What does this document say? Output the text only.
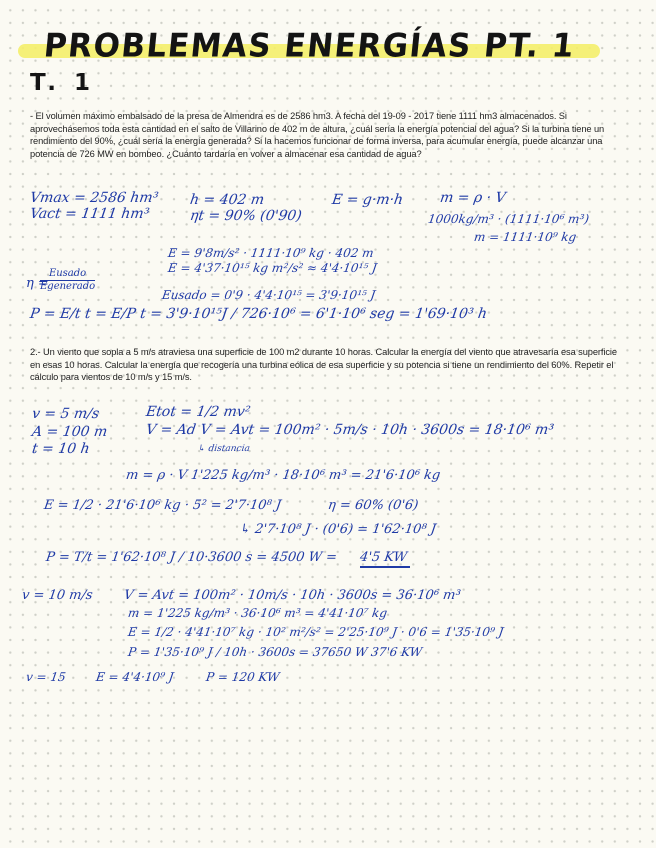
PROBLEMAS ENERGÍAS PT. 1
T. 1

- El volumen máximo embalsado de la presa de Almendra es de 2586 hm3. A fecha del 19-09 - 2017 tiene 1111 hm3 almacenados. Si aprovechásemos toda esta cantidad en el salto de Villarino de 402 m de altura, ¿cuál sería la energía potencial del agua? Si la turbina tiene un rendimiento del 90%, ¿cuál sería la energía generada? Si la hacemos funcionar de forma inversa, para acumular energía, puede alcanzar una potencia de 726 MW en bombeo. ¿Cuánto tardaría en volver a almacenar esa cantidad de agua?

Vmax = 2586 hm³
Vact = 1111 hm³
h = 402 m
ηt = 90% (0'90)
E = g·m·h m = ρ · V
1000kg/m³ · (1111·10⁶ m³)
m = 1111·10⁹ kg
E = 9'8m/s² · 1111·10⁹ kg · 402 m
E = 4'37·10¹⁵ kg m²/s² ≈ 4'4·10¹⁵ J
η =
Eusado
Egenerado
Eusado = 0'9 · 4'4·10¹⁵ = 3'9·10¹⁵ J
P = E/t t = E/P t = 3'9·10¹⁵J / 726·10⁶ = 6'1·10⁶ seg = 1'69·10³ h

2.- Un viento que sopla a 5 m/s atraviesa una superficie de 100 m2 durante 10 horas. Calcular la energía del viento que atravesaría esa superficie en esas 10 horas. Calcular la energía que recogería una turbina eólica de esa superficie y su potencia si tiene un rendimiento del 60%. Repetir el cálculo para vientos de 10 m/s y 15 m/s.

v = 5 m/s
A = 100 m
t = 10 h
Etot = 1/2 mv²
V = Ad V = Avt = 100m² · 5m/s · 10h · 3600s = 18·10⁶ m³
↳ distancia
m = ρ · V 1'225 kg/m³ · 18·10⁶ m³ = 21'6·10⁶ kg
E = 1/2 · 21'6·10⁶ kg · 5² = 2'7·10⁸ J	η = 60% (0'6)
↳ 2'7·10⁸ J · (0'6) = 1'62·10⁸ J
P = T/t = 1'62·10⁸ J / 10·3600 s = 4500 W = 4'5 KW
v = 10 m/s V = Avt = 100m² · 10m/s · 10h · 3600s = 36·10⁶ m³
m = 1'225 kg/m³ · 36·10⁶ m³ = 4'41·10⁷ kg
E = 1/2 · 4'41·10⁷ kg · 10² m²/s² = 2'25·10⁹ J · 0'6 = 1'35·10⁹ J
P = 1'35·10⁹ J / 10h · 3600s = 37650 W 37'6 KW
v = 15 E = 4'4·10⁹ J	P = 120 KW
